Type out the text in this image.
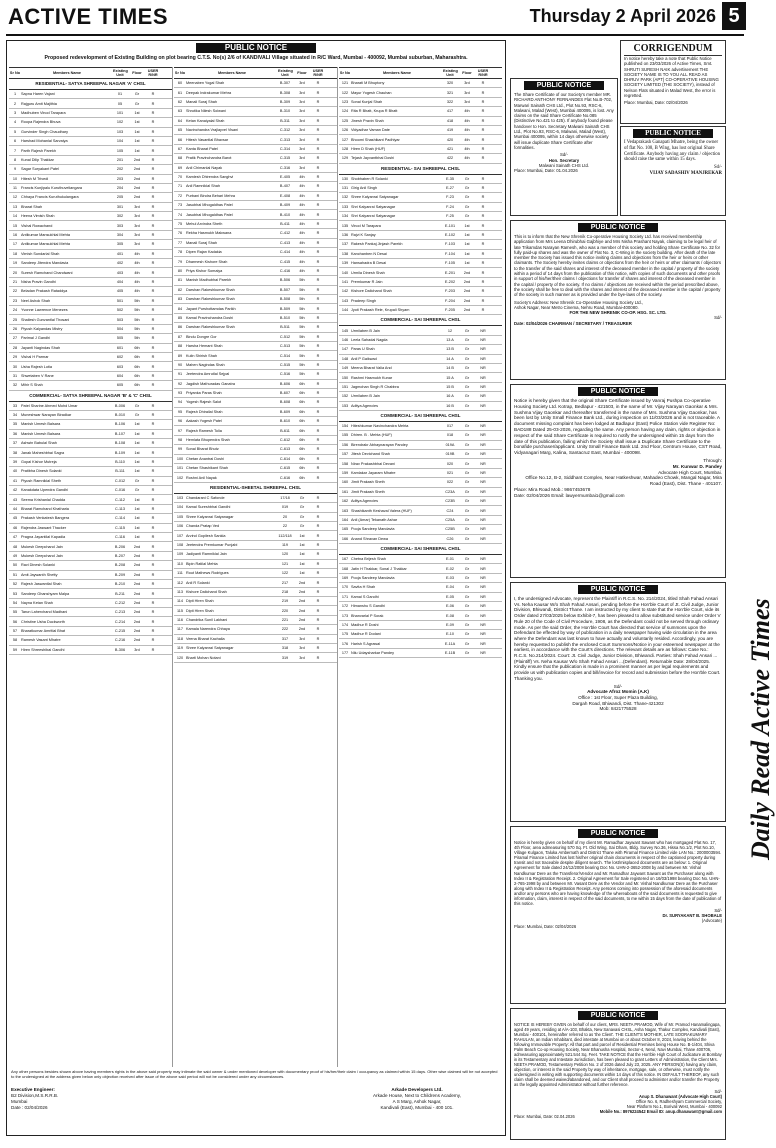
ACTIVE TIMES	Thursday 2 April 2026 5
PUBLIC NOTICE
Proposed redevelopment of Existing Building on plot bearing C.T.S. No(s) 2/6 of KANDIVALI Village situated in R/C Ward, Mumbai - 400092, Mumbai suburban, Maharashtra.
Sr No	Members Name	Existing Unit	Floor	USER R/NR
RESIDENTIAL- SATYA SHREEPAL NAGAR 'A' CHSL
1	Sapna Haren Vajani	01	Gr	R
2	Rajguru Amit Majithia	05	Gr	R
3	Madhuben Vinod Tarapara	101	1st	R
4	Roopa Rajendra Bhuva	102	1st	R
5	Gurvinder Singh Chaudhary	103	1st	R
6	Harshad Mohanlal Sarvaiya	104	1st	R
7	Parth Rajesh Parekh	105	1st	R
8	Kunal Dilip Thakkar	201	2nd	R
9	Sagar Suryakant Patel	202	2nd	R
10	Hitesh M Trivedi	203	2nd	R
11	Francis Kunjipalu Kuruthuveliangara	204	2nd	R
12	Chhaya Francis Kuruthukulangara	205	2nd	R
13	Bharat Shah	301	3rd	R
14	Heena Vimish Shah	302	3rd	R
15	Vishal Rowachand	303	3rd	R
16	Antikumar Mansukhlal Mehta	304	3rd	R
17	Antikumar Mansukhlal Mehta	305	3rd	R
18	Vimish Sundarlal Shah	401	4th	R
19	Sandeep Jitendra Mandavia	402	4th	R
20	Suresh Ramchand Chandwani	403	4th	R
21	Nisha Pravin Gandhi	404	4th	R
22	Beladan Prakash Rataddya	405	4th	R
23	Neel Ashok Shah	501	5th	R
24	Yvonne Lawrence Menezes	502	5th	R
25	Shailesh Gunvantlal Thosani	503	5th	R
26	Piyush Kalyandas Mistry	504	5th	R
27	Parimal J Gandhi	505	5th	R
28	Jayanti Nagindas Shah	601	6th	R
29	Vishal H Parmar	602	6th	R
30	Usha Rajesh Lotia	603	6th	R
31	Shwetaben V Rane	604	6th	R
32	Mihir S Shah	605	6th	R
COMMERCIAL- SATYA SHREEPAL NAGAR 'B' & 'C' CHSL
33	Patel Sharine Ahmed Mohd Umar	B-006	Gr	R
34	Muneshwar Narayan Biradkar	B-010	Gr	R
35	Manish Umesh Balsara	B-106	1st	R
36	Manish Umesh Balsara	B-107	1st	R
37	Ashwin Babulal Shah	B-108	1st	R
38	Janak Maheshbhai Sagra	B-109	1st	R
39	Gopal Kishor Mutreja	B-110	1st	R
40	Pratibha Dinesh Solanki	B-111	1st	R
41	Piyush Ramniklal Sheth	C-012	Gr	R
42	Kanakdata Upendra Gandhi	C-016	Gr	R
43	Seema Krishanlal Chadda	C-112	1st	R
44	Bharat Ramchand Khatharia	C-113	1st	R
45	Prakash Venkatesh Bangera	C-114	1st	R
46	Rajendra Jaswant Thacker	C-115	1st	R
47	Pragna Jayantilal Kapadia	C-116	1st	R
48	Mukesh Deepchand Jain	B-206	2nd	R
49	Mukesh Deepchand Jain	B-207	2nd	R
50	Ravi Dinesh Solanki	B-208	2nd	R
51	Amit Jaywanth Shetty	B-209	2nd	R
52	Rajesh Jaswantlal Shah	B-210	2nd	R
53	Sandeep Ghanshyam Malpa	B-211	2nd	R
54	Nayna Ketan Shah	C-212	2nd	R
55	Tarun Laherchand Madhani	C-213	2nd	R
56	Christine Usha Duckworth	C-214	2nd	R
57	Bharatkumar Amritlal Bhat	C-215	2nd	R
58	Ramesh Vasant Mhatre	C-216	2nd	R
59	Hiren Shreeshibai Gandhi	B-306	3rd	R
Sr No	Members Name	Existing Unit	Floor	USER R/NR
60	Meenaben Yogal Shah	B-307	3rd	R
61	Deepak Indrakumar Mehra	B-308	3rd	R
62	Manali Suraj Shah	B-309	3rd	R
63	Shrutika Nilesh Soiwani	B-310	3rd	R
64	Ketan Kanaiyalal Shah	B-311	3rd	R
65	Navinchandra Vrajlayvel Visani	C-312	3rd	R
66	Hitesh Vasantlal Bhavsar	C-313	3rd	R
67	Kanta Bharat Patel	C-314	3rd	R
68	Pratik Pravinchandra Barot	C-315	3rd	R
69	Anil Chimanlal Nayak	C-316	3rd	R
70	Kamlesh Dhirendra Sanghvi	E-405	4th	R
71	Anil Ramniklal Shah	B-407	4th	R
72	Purbani Bindra Behari Mehra	E-408	4th	R
73	Jasubhai Mhogaldhas Patel	B-409	4th	R
74	Jasubhai Mhogaldhas Patel	B-410	4th	R
75	Mehul Arvindra Sheth	B-411	4th	R
76	Rekha Hasmukh Makwana	C-412	4th	R
77	Manali Suraj Shah	C-413	4th	R
78	Dipen Rajan Kadakia	C-414	4th	R
79	Dharmesh Kishore Shah	C-415	4th	R
80	Priya Kishor Somaiya	C-416	4th	R
81	Manish Madhubhai Parekh	B-506	5th	R
82	Darshan Rakeshkumar Shah	B-507	5th	R
83	Darshan Rakeshkumar Shah	B-508	5th	R
84	Jayant Purshottamdas Parikh	B-509	5th	R
85	Kamal Pravinchandra Doshi	B-510	5th	R
86	Darshan Rakeshkumar Shah	B-511	5th	R
87	Bindu Dongre Gor	C-512	5th	R
88	Harsha Hemant Shah	C-513	5th	R
89	Kulin Shirish Shah	C-514	5th	R
90	Mahen Nagindas Shah	C-515	5th	R
91	Jeetendra Amrutlal Sejpal	C-516	5th	R
92	Jagdish Mathuradas Ganatra	B-606	6th	R
93	Priyanka Paras Shah	B-607	6th	R
94	Yogesh Rajesh Salot	B-608	6th	R
95	Rajesh Dhirailal Shah	B-609	6th	R
96	Aakash Yogesh Patel	B-610	6th	R
97	Rajesh Ramesh Tolia	B-611	6th	R
98	Hemlata Bhupendra Shah	C-612	6th	R
99	Sonal Bharat Bhutz	C-613	6th	R
100 Chetan Anantrai Doshi	C-614	6th	R
101 Chetan Shashikant Shah	C-615	6th	R
102 Roshni Anil Nayak	C-616	6th	R
RESIDENTIAL-SHEETAL SHREEPAL CHSL
103 Chandarani C Safonde	17/18	Gr	R
104 Kamal Sureshbhai Gandhi	019	Gr	R
105 Shree Kalyanrai Satyanagar	20	Gr	R
106 Chanda Pratap Ved	22	Gr	R
107 Arvind Gopilesh Sankla	112/118	1st	R
108 Jeetendra Premkumar Punjabi	119	1st	R
109 Jadiyanti Ramniklal Jain	120	1st	R
110 Bipin Ratilal Mehta	121	1st	R
111 Rout Mathews Rodrigues	122	1st	R
112 Anil R Solanki	217	2nd	R
113 Kishore Dalichand Shah	218	2nd	R
114 Dipti Hiren Shah	219	2nd	R
115 Dipti Hiren Shah	220	2nd	R
116 Chandrika Sunil Lakhani	221	2nd	R
117 Kamala Narendra Chhaya	222	2nd	R
118 Veena Bharat Kachalia	317	3rd	R
119 Shree Kalyanrai Satyanagar	318	3rd	R
120 Bharti Mohan Notani	319	3rd	R
Sr No	Members Name	Existing Unit	Floor	USER R/NR
121 Bharati M Bhuptony	320	3rd	R
122 Mayur Yogesh Chauhan	321	3rd	R
123 Sonal Kunjal Shah	322	3rd	R
124 Rita R Bhatt, Krupa R Bhatt	417	4th	R
125 Jinesh Pravin Shah	418	4th	R
126 Vidyadhar Vaman Date	419	4th	R
127 Bhoomi Shashikant Padhiyar	420	4th	R
128 Hiren D Shah (HUF)	421	4th	R
129 Tejash Jayvantbhai Doshi	422	4th	R
RESIDENTIAL- SAI SHREEPAL CHSL
130 Shobhaben R Solanki	E-35	Gr	R
131 Girig Anil Singh	E-27	Gr	R
132 Shree Kalyanrai Satyanagar	F-23	Gr	R
133 Shri Kalyanrai Satyanagar	F-24	Gr	R
134 Shri Kalyanrai Satyanagar	F-25	Gr	R
135 Vinod M Tarapara	E-101	1st	R
136 Rajvi K Sanjay	E-102	1st	R
137 Rakesh Pankaj Jinjash Parekh	F-103	1st	R
138 Kanchanben N Desai	F-104	1st	R
139 Hansahadra B Desai	F-105	1st	R
140 Urmila Dinesh Shah	E-201	2nd	R
141 Premkumar R Jain	E-202	2nd	R
142 Kishore Dalichand Shah	F-203	2nd	R
143 Pradeep Singh	F-204	2nd	R
144 Jyoti Prakash Rele, Krupali Shyam	F-205	2nd	R
COMMERCIAL- SAI SHREEPAL CHSL
145 Urmilaben B Jain	12	Gr	NR
146 Leela Sahadal Nagda	13 A	Gr	NR
147 Paras U Shah	13 B	Gr	NR
148 Anil P Gaikwad	14 A	Gr	NR
149 Meena Bharat Valia And	14 B	Gr	NR
150 Rashmi Hasmukh Kunar	15 A	Gr	NR
151 Jagmohan Singh R Chabbra	15 B	Gr	NR
152 Urmilaben B Jain	16 A	Gr	NR
153 Aditya Agencies	16 B	Gr	NR
COMMERCIAL- SAI SHREEPAL CHSL
154 Hiteshkumar Navinchandra Mehta	017	Gr	NR
155 Dhiren. B . Mehta (HUF)	018	Gr	NR
156 Birendrakr Abhaynarayan Pandey	019A	Gr	NR
157 Jitesh Devichand Shah	019B	Gr	NR
158 Nirav Prakashbhai Devani	020	Gr	NR
159 Kamlakar Jayaram Mhatre	021	Gr	NR
160 Jimit Prakash Sheth	022	Gr	NR
161 Jimit Prakash Sheth	C23A	Gr	NR
162 Aditya Agencies	C23B	Gr	NR
163 Shashikanth Keshaval Valera (HUF)	C24	Gr	NR
164 Anil (Amar) Tekanath Ashar	C25A	Gr	NR
165 Pooja Sandeep Mandavia	C25B	Gr	NR
166 Anand Shravan Dewa	C26	Gr	NR
COMMERCIAL- SAI SHREEPAL CHSL
167 Chetna Brijesh Shah	E-01	Gr	NR
168 Jatin H Thakkar, Sonal J Thakkar	E-02	Gr	NR
169 Pooja Sandeep Mandavia	E-03	Gr	NR
170 Savita H Shah	E-04	Gr	NR
171 Kamal S Gandhi	E-05	Gr	NR
172 Himanshu S Gandhi	E-06	Gr	NR
173 Bhanvarlal P Sorak	E-08	Gr	NR
174 Madhur R Doshi	E-09	Gr	NR
175 Madhur R Dodani	E-10	Gr	NR
176 Harish S Agrawal	E-11A	Gr	NR
177 Nilu Udaysharkar Pandey	E-11B	Gr	NR
Any other persons besides shown above having members rights in the above said property may intimate the said owner & under mentioned developer with documentary proof of his/her/their claim / occupancy as claimed within 15 days. Other wise claimed will be not accepted to the undersigned at the address given below only objection received after issue of the above said period will not be considered under any circumstances.
Executive Engineer:
B2 Division,M.S.R.R.B.
Mumbai
Date : 02/04/2026
Arkade Developers Ltd.
Arkade House, Next to Childrens Academy,
A S Marg, Ashok Nagar,
Kandivali (East), Mumbai - 400 101.
PUBLIC NOTICE

The Share Certificate of our Society's member MR. RICHARD ANTHONY FERNANDES Flat No.B-702, Marwari Sainath CHS Ltd., Plot No.93, RSC-6, Malwani, Malad (West), Mumbai 400095, is lost. Any claims on the said Share Certificate No.085 (Distinctive No.421 to 425). If anybody found please handover to Hon. Secretary Malwani Sainath CHS Ltd., Plot No.93, RSC-6, Malwani, Malad (West), Mumbai 400095, within 14 days otherwise society will issue duplicate Share Certificate after formalities.

Sd/-
Hon. Secretary
Malwani Sainath CHS Ltd.
Place: Mumbai, Date: 01.04.2026
CORRIGENDUM

In notice hereby take a note that Public Notice published on 23/03/2026 of Active Times, Smt. SHRUTI SURESH NAIK advertisement THE SOCIETY NAME IS TO YOU ALL READ AS DHRUV PARK (APT) CO-OPERATIVE HOUSING SOCIETY LIMITED (THE SOCIETY), instead of Nelson Flats situated in Malad West, the error is regretted.

Place: Mumbai, Date: 02/04/2026
PUBLIC NOTICE

I Vedaprakash Ganapati Mhatre, being the owner of flat No. 108, B Wing, has lost original Share Certificate. Anybody having any claim / objection should raise the same within 15 days.

Sd/-
VIJAY SADASHIV MANJREKAR
PUBLIC NOTICE

This is to inform that the New Shrenik Co-operative Housing Society Ltd. has received membership application from Mrs Leena Dhirubhai Gajbhiye and Mrs Nisha Prashant Nayak, claiming to be legal heir of late Trikamdas Narayan Ramesh, who was a member of this society and holding Share Certificate No. 32 for fully paid-up shares and was the owner of Flat No. 3, C-Wing in the society building. After death of the late member the Society has issued this notice inviting claims and objections from the heir or heirs or other claimants. The Society hereby invites claims or objections from the heir or heirs or other claimants / objectors to the transfer of the said shares and interest of the deceased member in the capital / property of the society within a period of 14 days from the publication of this notice, with copies of such documents and other proofs in support of his/her/their claims / objections for transfer of shares and interest of the deceased member in the capital / property of the society. If no claims / objections are received within the period prescribed above, the society shall be free to deal with the shares and interest of the deceased member in the capital / property of the society in such manner as is provided under the bye-laws of the society.

Society's Address: New Shrenik Co-Operative Housing Society Ltd.,
Ashok Nagar, Near Metro Cinema, Nehru Road, Mumbai-400080.
FOR THE NEW SHRENIK CO-OP. HSG. SC. LTD.
Sd/-
Date: 02/04/2026 CHAIRMAN / SECRETARY / TREASURER
PUBLIC NOTICE

Notice is hereby given that the original Share Certificate issued by Vanraj Pushpa Co-operative Housing Society Ltd. Kotrap, Bedlapur - 421503, in the name of Mr. Vijay Narayan Gaonkar & Mrs. Sushma Vijay Gaonkar and thereafter transferred in the name of Mrs. Sushma Vijay Gaonkar, has been lost by Unity Small Finance Bank Ltd., during inspection on 11/03/2026 and is not traceable. A document missing complaint has been lodged at Badlapur (East) Police Station vide Register No: BAD188 Dated 25-03-2026, regarding the same. Any person having any claim, rights or objection in respect of the said Share Certificate is required to notify the undersigned within 15 days from the date of this publication, failing which the Society shall issue a Duplicate Share Certificate to the bonafide purchaser/applicant. Unity Small Finance Bank Ltd. 2nd Floor, Centrum House, CST Road, Vidyanagari Marg, Kalina, Santacruz East, Mumbai - 400098.

Through:
Mr. Kunwar D. Pandey
Advocate High Court, Mumbai.
Office No.12, B-2, Siddhant Complex, Near Hatkeshwar, Mahadeo Chowk, Mangal Nagar, Mira Road (East), Dist. Thane - 401107.
Place: Mira Road Mob.: 9867453678
Date: 02/04/2026 Email: lawyermumbai1@gmail.com
PUBLIC NOTICE

I, the undersigned Advocate, represent the Plaintiff in R.C.S. No. 214/2024, titled Shah Fahad Ansari Vs. Neha Kausar W/o Shah Fahad Ansari, pending before the Hon'ble Court of Jt. Civil Judge, Junior Division, Bhiwandi, District Thane. I am instructed by my client to state that the Hon'ble Court, vide its Order dated 27/03/2025 below Exhibit-7, has been pleased to allow substituted service under Order V Rule 20 of the Code of Civil Procedure, 1908, as the Defendant could not be served through ordinary mode. As per the said Order, the Hon'ble Court has directed that service of summons upon the Defendant be effected by way of publication in a daily newspaper having wide circulation in the area where the Defendant was last known to have actually and voluntarily resided. Accordingly, you are hereby requested to publish the enclosed Court Summons/Notice in your esteemed newspaper at the earliest, in accordance with the Court's directions. The relevant details are as follows: Case No.: R.C.S. No.214/2024. Court: Jt. Civil Judge, Junior Division, Bhiwandi. Parties: Shah Fahad Ansari ...(Plaintiff) Vs. Neha Kausar W/o Shah Fahad Ansari ...(Defendant). Returnable Date: 28/04/2025. Kindly ensure that the publication is made in a prominent manner as per legal requirements and provide us with publication copies and bill/invoice for record and submission before the Hon'ble Court. Thanking you.

Sd/-
Advocate Afroz Momin (A.K)
Office : 1st Floor, Super Plaza Building,
Dargah Road, Bhiwandi, Dist. Thane-421302
Mob: 8421775528
PUBLIC NOTICE

Notice is hereby given on behalf of my client Mr. Ramadhar Jaywant Sawant who has mortgaged Flat No. 17, 4th Floor, area admeasuring 570 Sq. Ft. Old Wing, Sai Dham, Bldg. Survey No.36, Hissa No.1/2, Plot No.10, Village Kulgaon, Taluka Ambernath and District Thane with Piramal Finance Limited vide LAN No.: 2000003594. Piramal Finance Limited has lost his/her original chain documents in respect of the captioned property during transit and not traceable despite diligent search. The lost/misplaced documents are as below: 1. Original Agreement for Sale dated 24/12/2008 bearing Doc No. UHN-2-3652-2008 by and between Mr. Vishal Nandkumar Dere as the Transferor/Vendor and Mr. Ramadhar Jaywant Sawant as the Purchaser along with Index II & Registration Receipt. 2. Original Agreement for Sale registered on 16/03/1998 bearing Doc No. UHN-2-765-1998 by and between Mr. Vasant Dere as the Vendor and Mr. Vishal Nandkumar Dere as the Purchaser along with Index II & Registration Receipt. Any persons coming into possession of the aforesaid documents and/or any persons who are having knowledge of the whereabouts of the said documents is requested to give information, claim, interest in respect of the said documents, to me within 15 days from the date of publication of this notice.

Sd/-
Dr. SURYAKANT B. SHOBALE
(Advocate)
Place: Mumbai, Date: 02/04/2026
PUBLIC NOTICE

NOTICE IS HEREBY GIVEN on behalf of our client, MRS. NEETA PRAMOD, Wife of Mr. Pramod Hanamalingapa, aged 49 years, residing at A/A-103, Bhakta, New Sanavasi CHSL, Asha Nagar, Thakur Complex, Kandivali (East), Mumbai - 400101, hereinafter referred to as 'the Client'. THE CLIENT'S MOTHER, LATE SOORAKUMARY RAHULAN, an Indian Inhabitant, died intestate at Mumbai on or about October 8, 2024, leaving behind the following Immovable Property: All that part and parcel of Residential Premises being House No. B-1/404, Shiva Palm Beach Co-op Housing Society, Near Bhanusha Hospital, Sector-4, Nerul, Navi Mumbai, Thane 400706, admeasuring approximately 521.544 Sq. Feet. TAKE NOTICE that the Hon'ble High Court of Judicature at Bombay in its Testamentary and Intestate Jurisdiction, has been pleased to grant Letters of Administration, the Client Mrs. NEETA PRAMOD, Testamentary Petition No. 2 of 2026 dated July 23, 2025. ANY PERSON(S) having any claim, objection, or interest in the said Property by way of inheritance, mortgage, sale, or otherwise, must notify the undersigned in writing with supporting documents within 14 days of this notice. IN DEFAULT THEREOF, any such claim shall be deemed waived/abandoned, and our Client shall proceed to administer and/or transfer the Property as the legally appointed Administrator without further reference.

Sd/-
Anup S. Dhanawant (Advocate High Court)
Office No. 6, Radheshyam Commercial Society,
Near Platform No.1, Borivali West, Mumbai - 400092
Mobile No.: 8976224542 Email ID: anup.dhanawant@gmail.com
Place: Mumbai, Date: 02.04.2026
Daily Read Active Times
